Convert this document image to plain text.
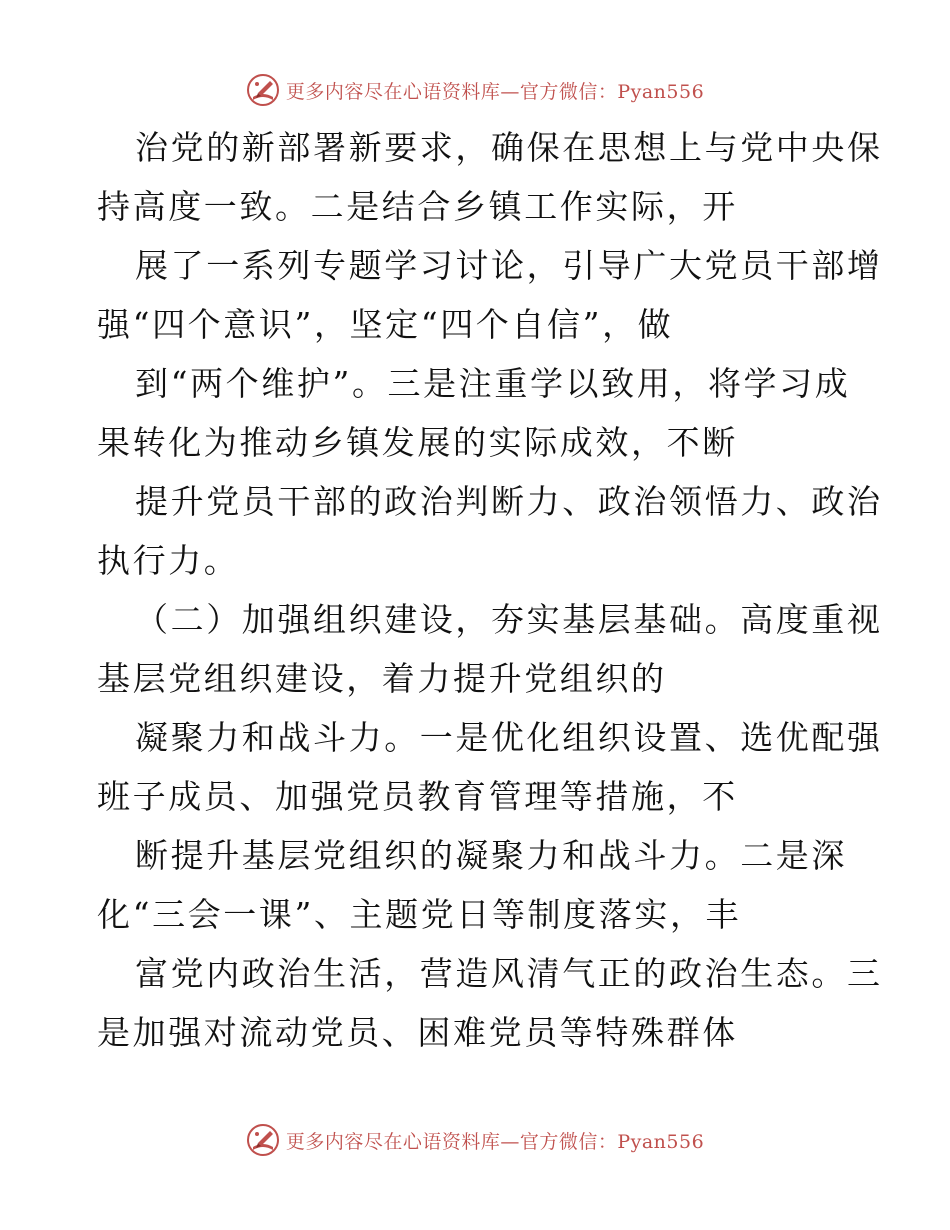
更多内容尽在心语资料库—官方微信：Pyan556
治党的新部署新要求，确保在思想上与党中央保
持高度一致。二是结合乡镇工作实际，开
展了一系列专题学习讨论，引导广大党员干部增
强“四个意识”，坚定“四个自信”，做
到“两个维护”。三是注重学以致用，将学习成
果转化为推动乡镇发展的实际成效，不断
提升党员干部的政治判断力、政治领悟力、政治
执行力。
（二）加强组织建设，夯实基层基础。高度重视
基层党组织建设，着力提升党组织的
凝聚力和战斗力。一是优化组织设置、选优配强
班子成员、加强党员教育管理等措施，不
断提升基层党组织的凝聚力和战斗力。二是深
化“三会一课”、主题党日等制度落实，丰
富党内政治生活，营造风清气正的政治生态。三
是加强对流动党员、困难党员等特殊群体
更多内容尽在心语资料库—官方微信：Pyan556
